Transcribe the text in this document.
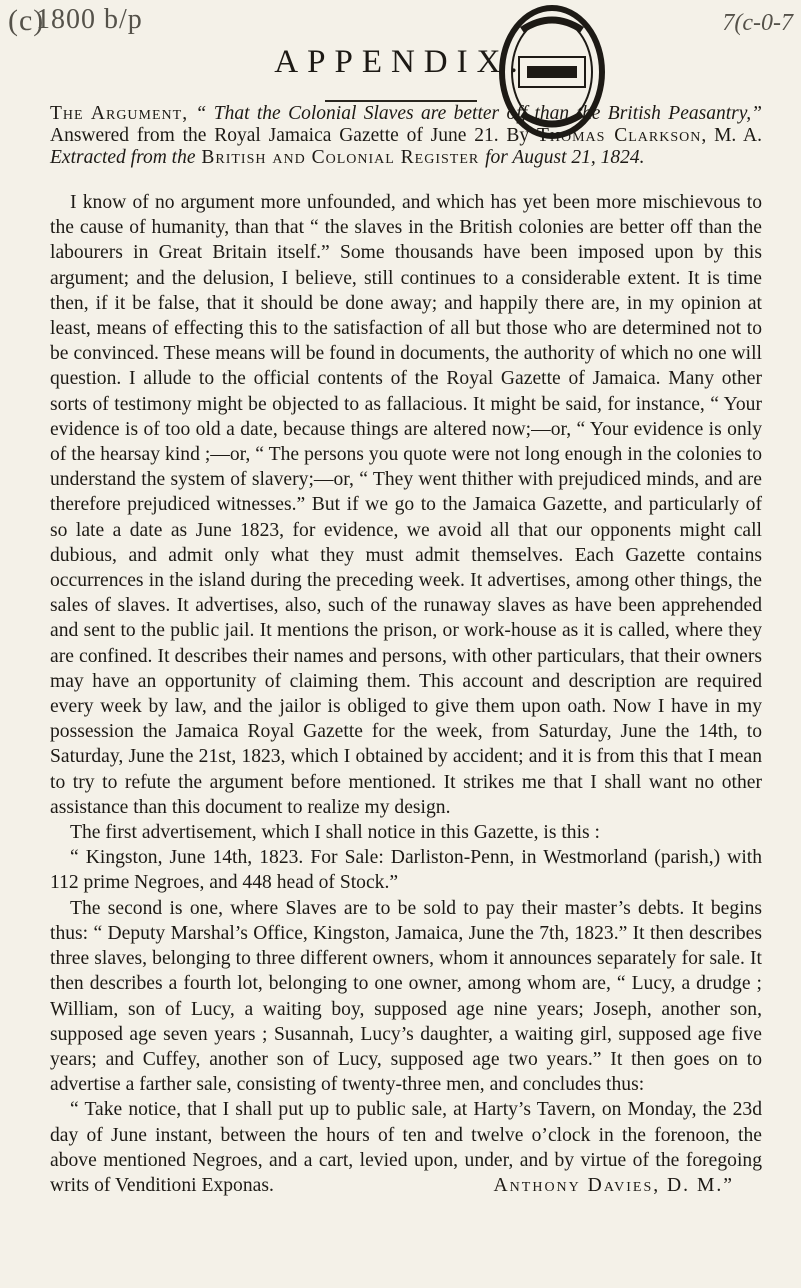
(c)
1800 b/p	7(c-0-7
APPENDIX.
The Argument, “ That the Colonial Slaves are better off than the British Peasantry,” Answered from the Royal Jamaica Gazette of June 21. By Thomas Clarkson, M. A. Extracted from the British and Colonial Register for August 21, 1824.

I know of no argument more unfounded, and which has yet been more mischievous to the cause of humanity, than that “ the slaves in the British colonies are better off than the labourers in Great Britain itself.” Some thousands have been imposed upon by this argument; and the delusion, I believe, still continues to a considerable extent. It is time then, if it be false, that it should be done away; and happily there are, in my opinion at least, means of effecting this to the satisfaction of all but those who are determined not to be convinced. These means will be found in documents, the authority of which no one will question. I allude to the official contents of the Royal Gazette of Jamaica. Many other sorts of testimony might be objected to as fallacious. It might be said, for instance, “ Your evidence is of too old a date, because things are altered now;—or, “ Your evidence is only of the hearsay kind ;—or, “ The persons you quote were not long enough in the colonies to understand the system of slavery;—or, “ They went thither with prejudiced minds, and are therefore prejudiced witnesses.” But if we go to the Jamaica Gazette, and particularly of so late a date as June 1823, for evidence, we avoid all that our opponents might call dubious, and admit only what they must admit themselves. Each Gazette contains occurrences in the island during the preceding week. It advertises, among other things, the sales of slaves. It advertises, also, such of the runaway slaves as have been apprehended and sent to the public jail. It mentions the prison, or work-house as it is called, where they are confined. It describes their names and persons, with other particulars, that their owners may have an opportunity of claiming them. This account and description are required every week by law, and the jailor is obliged to give them upon oath. Now I have in my possession the Jamaica Royal Gazette for the week, from Saturday, June the 14th, to Saturday, June the 21st, 1823, which I obtained by accident; and it is from this that I mean to try to refute the argument before mentioned. It strikes me that I shall want no other assistance than this document to realize my design.

The first advertisement, which I shall notice in this Gazette, is this :

“ Kingston, June 14th, 1823. For Sale: Darliston-Penn, in Westmorland (parish,) with 112 prime Negroes, and 448 head of Stock.”

The second is one, where Slaves are to be sold to pay their master’s debts. It begins thus: “ Deputy Marshal’s Office, Kingston, Jamaica, June the 7th, 1823.” It then describes three slaves, belonging to three different owners, whom it announces separately for sale. It then describes a fourth lot, belonging to one owner, among whom are, “ Lucy, a drudge ; William, son of Lucy, a waiting boy, supposed age nine years; Joseph, another son, supposed age seven years ; Susannah, Lucy’s daughter, a waiting girl, supposed age five years; and Cuffey, another son of Lucy, supposed age two years.” It then goes on to advertise a farther sale, consisting of twenty-three men, and concludes thus:

“ Take notice, that I shall put up to public sale, at Harty’s Tavern, on Monday, the 23d day of June instant, between the hours of ten and twelve o’clock in the forenoon, the above mentioned Negroes, and a cart, levied upon, under, and by virtue of the foregoing writs of Venditioni Exponas.	Anthony Davies, D. M.”
